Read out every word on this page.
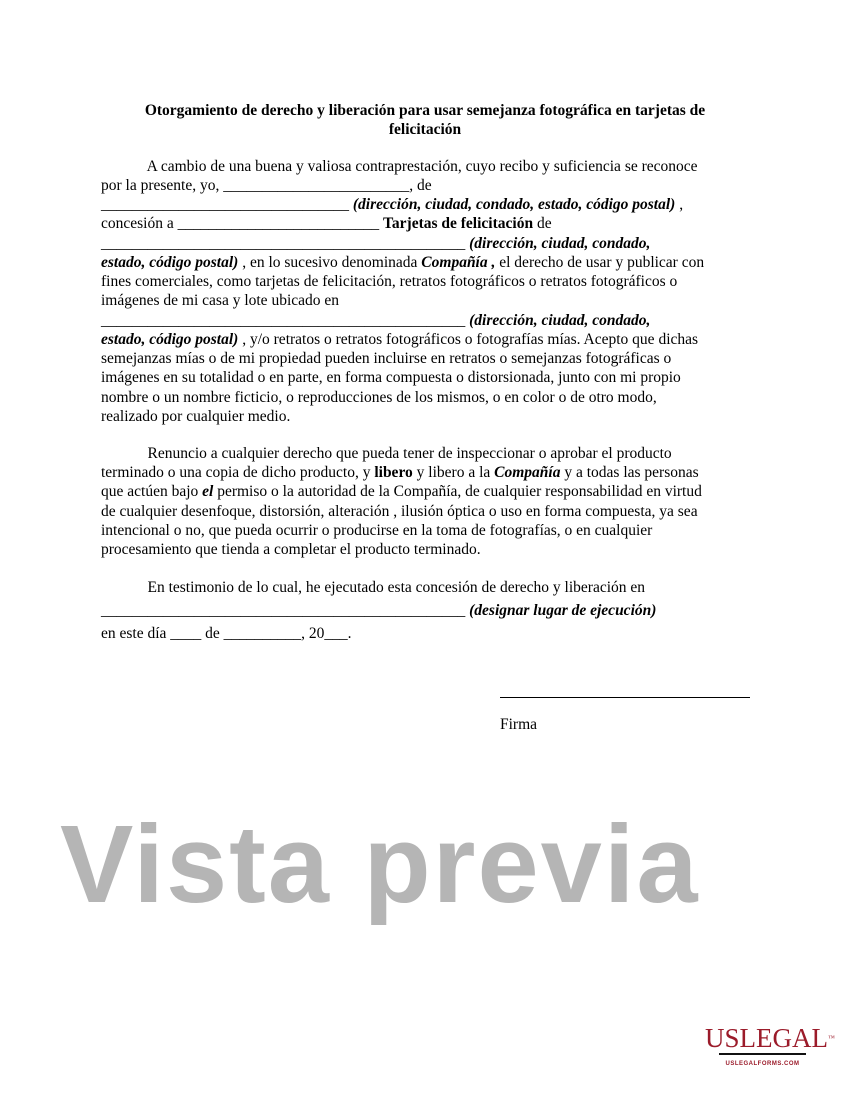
Otorgamiento de derecho y liberación para usar semejanza fotográfica en tarjetas de
felicitación
A cambio de una buena y valiosa contraprestación, cuyo recibo y suficiencia se reconoce
por la presente, yo, ________________________, de
________________________________ (dirección, ciudad, condado, estado, código postal) ,
concesión a __________________________ Tarjetas de felicitación de
_______________________________________________ (dirección, ciudad, condado,
estado, código postal) , en lo sucesivo denominada Compañía , el derecho de usar y publicar con
fines comerciales, como tarjetas de felicitación, retratos fotográficos o retratos fotográficos o
imágenes de mi casa y lote ubicado en
_______________________________________________ (dirección, ciudad, condado,
estado, código postal) , y/o retratos o retratos fotográficos o fotografías mías. Acepto que dichas
semejanzas mías o de mi propiedad pueden incluirse en retratos o semejanzas fotográficas o
imágenes en su totalidad o en parte, en forma compuesta o distorsionada, junto con mi propio
nombre o un nombre ficticio, o reproducciones de los mismos, o en color o de otro modo,
realizado por cualquier medio.
Renuncio a cualquier derecho que pueda tener de inspeccionar o aprobar el producto
terminado o una copia de dicho producto, y libero y libero a la Compañía y a todas las personas
que actúen bajo el permiso o la autoridad de la Compañía, de cualquier responsabilidad en virtud
de cualquier desenfoque, distorsión, alteración , ilusión óptica o uso en forma compuesta, ya sea
intencional o no, que pueda ocurrir o producirse en la toma de fotografías, o en cualquier
procesamiento que tienda a completar el producto terminado.
En testimonio de lo cual, he ejecutado esta concesión de derecho y liberación en
_______________________________________________ (designar lugar de ejecución)
en este día ____ de __________, 20___.
Firma
Vista previa
USLEGAL™
USLEGALFORMS.COM
